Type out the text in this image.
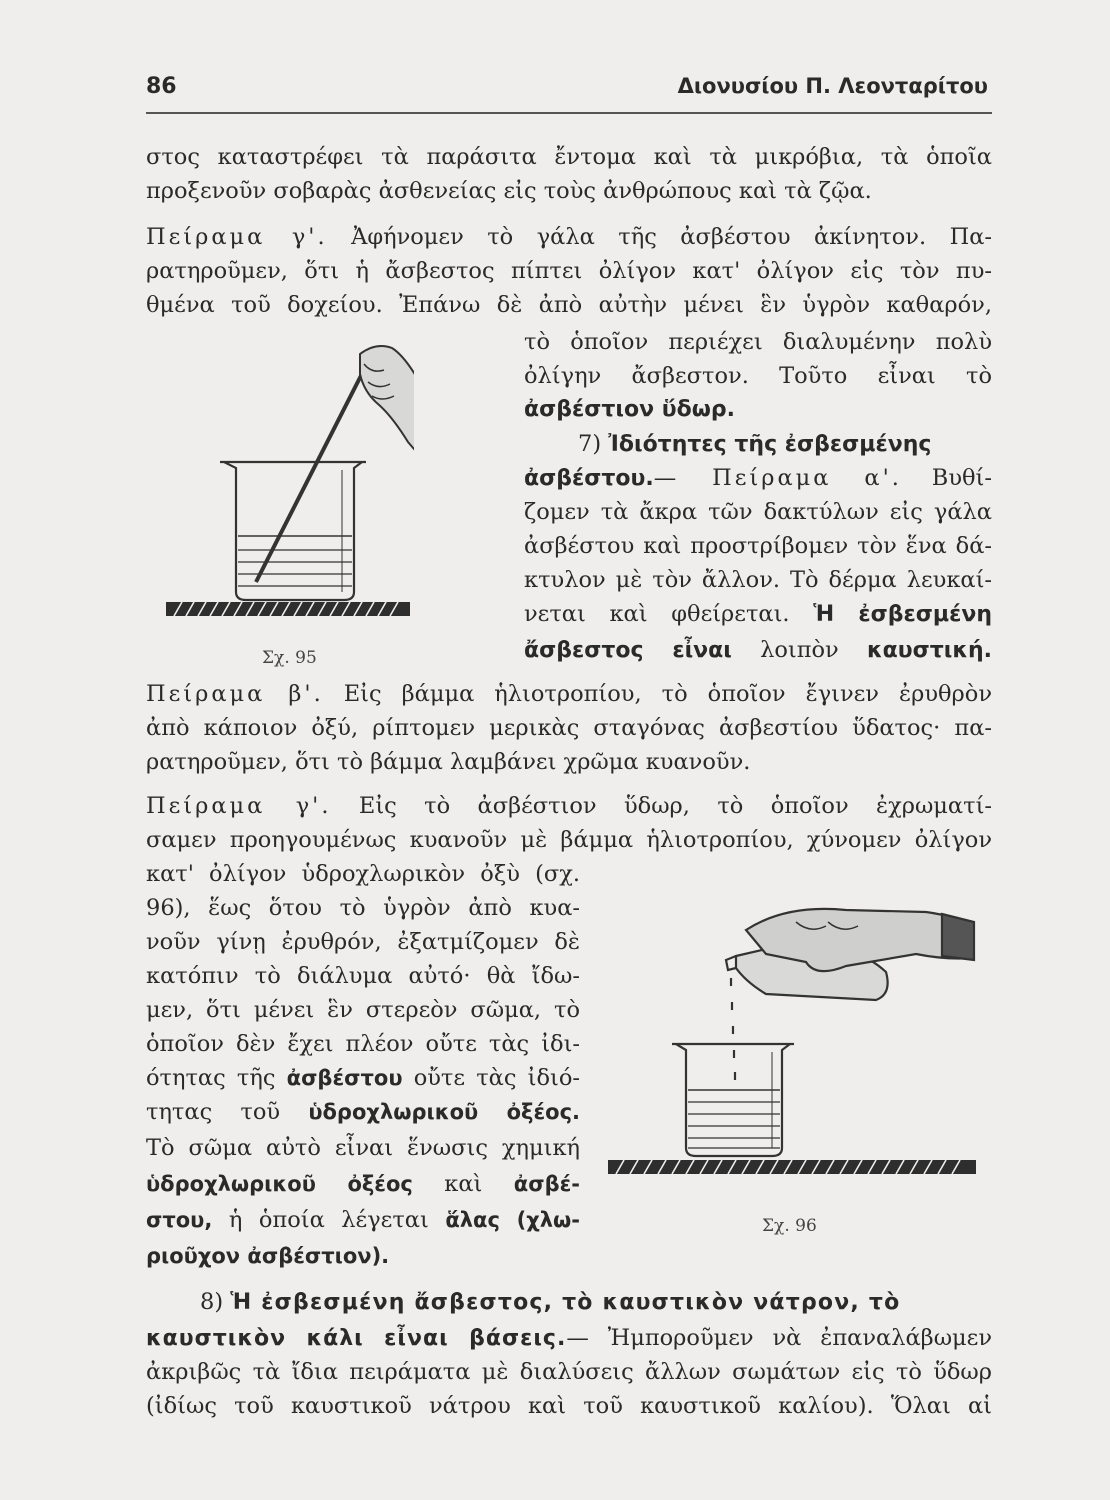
86	Διονυσίου Π. Λεονταρίτου
στος καταστρέφει τὰ παράσιτα ἔντομα καὶ τὰ μικρόβια, τὰ ὁποῖα
προξενοῦν σοβαρὰς ἀσθενείας εἰς τοὺς ἀνθρώπους καὶ τὰ ζῷα.
Πείραμα γ'. Ἀφήνομεν τὸ γάλα τῆς ἀσβέστου ἀκίνητον. Πα-
ρατηροῦμεν, ὅτι ἡ ἄσβεστος πίπτει ὀλίγον κατ' ὀλίγον εἰς τὸν πυ-
θμένα τοῦ δοχείου. Ἐπάνω δὲ ἀπὸ αὐτὴν μένει ἓν ὑγρὸν καθαρόν,
Σχ. 95
τὸ ὁποῖον περιέχει διαλυμένην πολὺ
ὀλίγην ἄσβεστον. Τοῦτο εἶναι τὸ
ἀσβέστιον ὕδωρ.
7) Ἰδιότητες τῆς ἐσβεσμένης
ἀσβέστου.— Πείραμα α'. Βυθί-
ζομεν τὰ ἄκρα τῶν δακτύλων εἰς γάλα
ἀσβέστου καὶ προστρίβομεν τὸν ἕνα δά-
κτυλον μὲ τὸν ἄλλον. Τὸ δέρμα λευκαί-
νεται καὶ φθείρεται. Ἡ ἐσβεσμένη
ἄσβεστος εἶναι λοιπὸν καυστική.
Πείραμα β'. Εἰς βάμμα ἡλιοτροπίου, τὸ ὁποῖον ἔγινεν ἐρυθρὸν
ἀπὸ κάποιον ὀξύ, ρίπτομεν μερικὰς σταγόνας ἀσβεστίου ὕδατος· πα-
ρατηροῦμεν, ὅτι τὸ βάμμα λαμβάνει χρῶμα κυανοῦν.
Πείραμα γ'. Εἰς τὸ ἀσβέστιον ὕδωρ, τὸ ὁποῖον ἐχρωματί-
σαμεν προηγουμένως κυανοῦν μὲ βάμμα ἡλιοτροπίου, χύνομεν ὀλίγον
κατ' ὀλίγον ὑδροχλωρικὸν ὀξὺ (σχ.
96), ἕως ὅτου τὸ ὑγρὸν ἀπὸ κυα-
νοῦν γίνῃ ἐρυθρόν, ἐξατμίζομεν δὲ
κατόπιν τὸ διάλυμα αὐτό· θὰ ἴδω-
μεν, ὅτι μένει ἓν στερεὸν σῶμα, τὸ
ὁποῖον δὲν ἔχει πλέον οὔτε τὰς ἰδι-
ότητας τῆς ἀσβέστου οὔτε τὰς ἰδιό-
τητας τοῦ ὑδροχλωρικοῦ ὀξέος.
Τὸ σῶμα αὐτὸ εἶναι ἕνωσις χημική
ὑδροχλωρικοῦ ὀξέος καὶ ἀσβέ-
στου, ἡ ὁποία λέγεται ἅλας (χλω-
ριοῦχον ἀσβέστιον).
Σχ. 96
8) Ἡ ἐσβεσμένη ἄσβεστος, τὸ καυστικὸν νάτρον, τὸ
καυστικὸν κάλι εἶναι βάσεις.— Ἠμποροῦμεν νὰ ἐπαναλάβωμεν
ἀκριβῶς τὰ ἴδια πειράματα μὲ διαλύσεις ἄλλων σωμάτων εἰς τὸ ὕδωρ
(ἰδίως τοῦ καυστικοῦ νάτρου καὶ τοῦ καυστικοῦ καλίου). Ὅλαι αἱ
